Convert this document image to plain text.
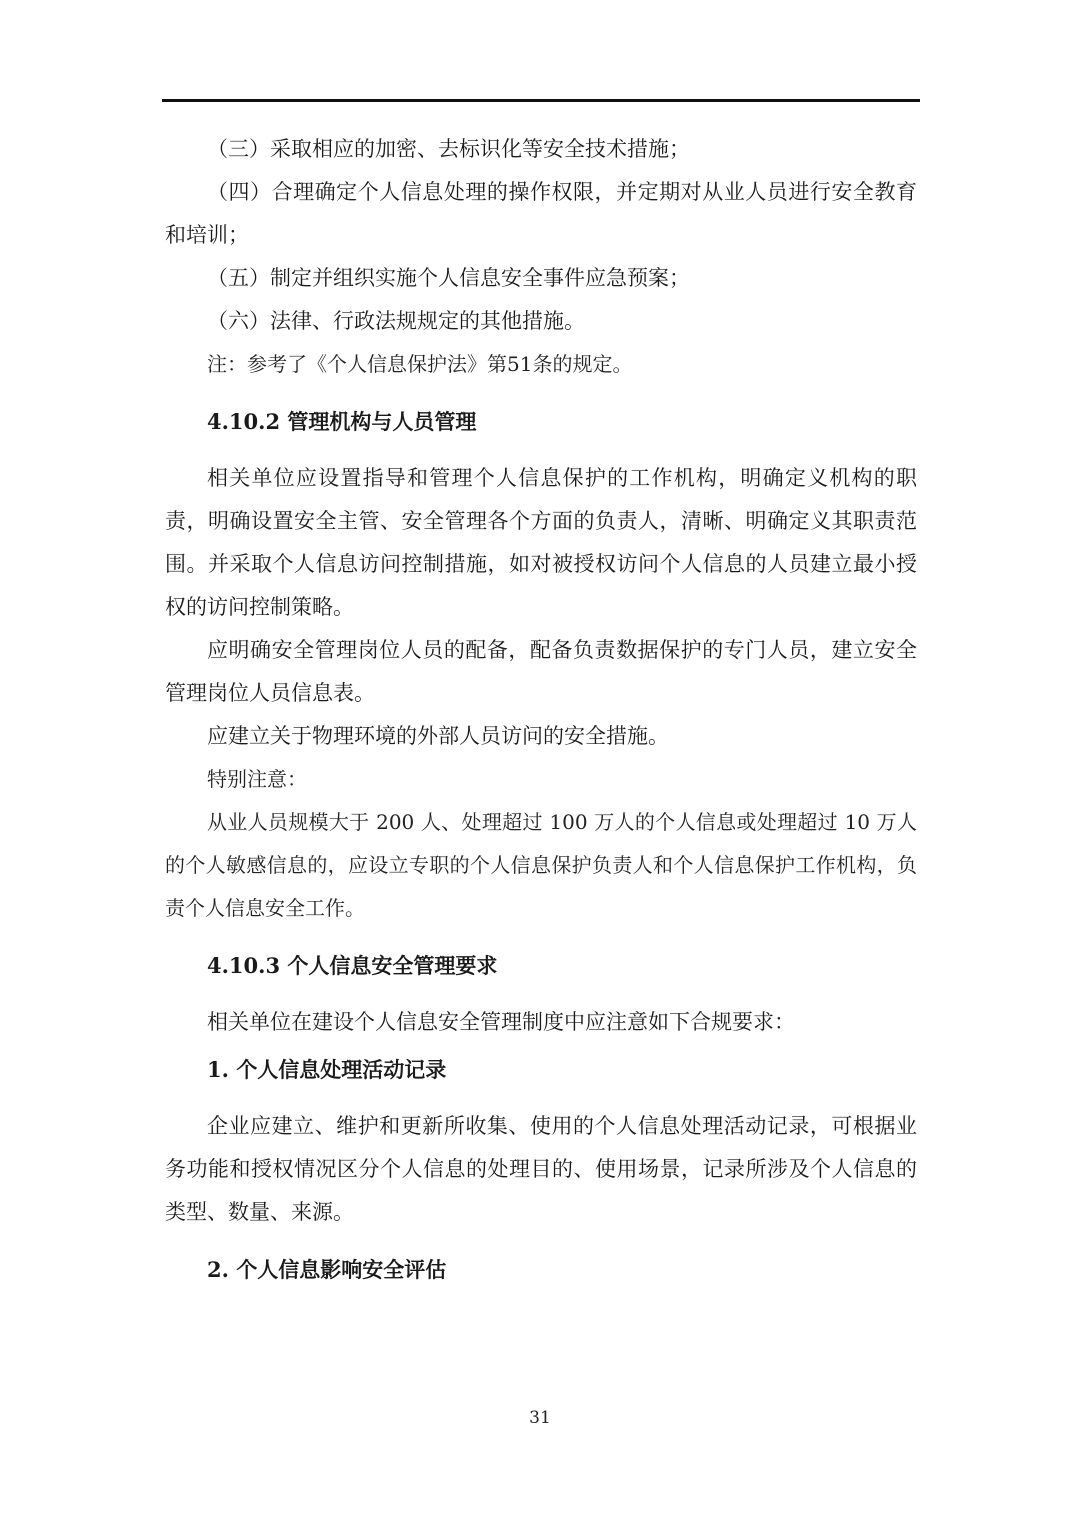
（三）采取相应的加密、去标识化等安全技术措施；

（四）合理确定个人信息处理的操作权限，并定期对从业人员进行安全教育和培训；

（五）制定并组织实施个人信息安全事件应急预案；

（六）法律、行政法规规定的其他措施。

注：参考了《个人信息保护法》第51条的规定。

4.10.2 管理机构与人员管理

相关单位应设置指导和管理个人信息保护的工作机构，明确定义机构的职责，明确设置安全主管、安全管理各个方面的负责人，清晰、明确定义其职责范围。并采取个人信息访问控制措施，如对被授权访问个人信息的人员建立最小授权的访问控制策略。

应明确安全管理岗位人员的配备，配备负责数据保护的专门人员，建立安全管理岗位人员信息表。

应建立关于物理环境的外部人员访问的安全措施。

特别注意：

从业人员规模大于 200 人、处理超过 100 万人的个人信息或处理超过 10 万人的个人敏感信息的，应设立专职的个人信息保护负责人和个人信息保护工作机构，负责个人信息安全工作。

4.10.3 个人信息安全管理要求

相关单位在建设个人信息安全管理制度中应注意如下合规要求：

1. 个人信息处理活动记录

企业应建立、维护和更新所收集、使用的个人信息处理活动记录，可根据业务功能和授权情况区分个人信息的处理目的、使用场景，记录所涉及个人信息的类型、数量、来源。

2. 个人信息影响安全评估

31
